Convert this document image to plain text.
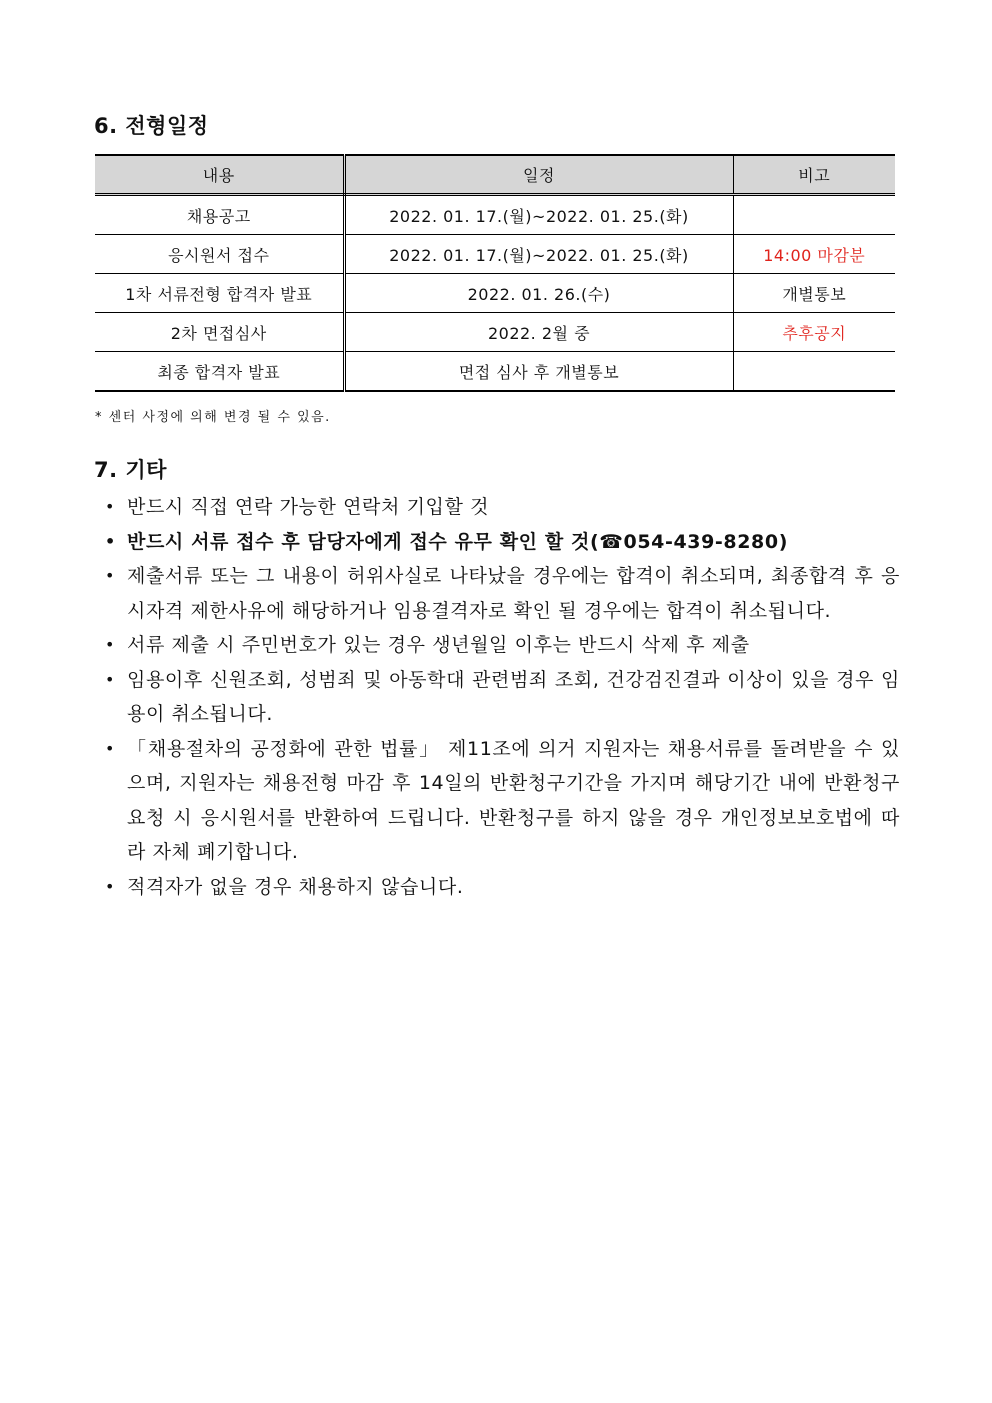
6. 전형일정
내용	일정	비고
채용공고	2022. 01. 17.(월)~2022. 01. 25.(화)	
응시원서 접수	2022. 01. 17.(월)~2022. 01. 25.(화)	14:00 마감분
1차 서류전형 합격자 발표	2022. 01. 26.(수)	개별통보
2차 면접심사	2022. 2월 중	추후공지
최종 합격자 발표	면접 심사 후 개별통보	

* 센터 사정에 의해 변경 될 수 있음.

7. 기타
• 반드시 직접 연락 가능한 연락처 기입할 것
• 반드시 서류 접수 후 담당자에게 접수 유무 확인 할 것(☎054-439-8280)
• 제출서류 또는 그 내용이 허위사실로 나타났을 경우에는 합격이 취소되며, 최종합격 후 응시자격 제한사유에 해당하거나 임용결격자로 확인 될 경우에는 합격이 취소됩니다.
• 서류 제출 시 주민번호가 있는 경우 생년월일 이후는 반드시 삭제 후 제출
• 임용이후 신원조회, 성범죄 및 아동학대 관련범죄 조회, 건강검진결과 이상이 있을 경우 임용이 취소됩니다.
• 「채용절차의 공정화에 관한 법률」 제11조에 의거 지원자는 채용서류를 돌려받을 수 있으며, 지원자는 채용전형 마감 후 14일의 반환청구기간을 가지며 해당기간 내에 반환청구 요청 시 응시원서를 반환하여 드립니다. 반환청구를 하지 않을 경우 개인정보보호법에 따라 자체 폐기합니다.
• 적격자가 없을 경우 채용하지 않습니다.
